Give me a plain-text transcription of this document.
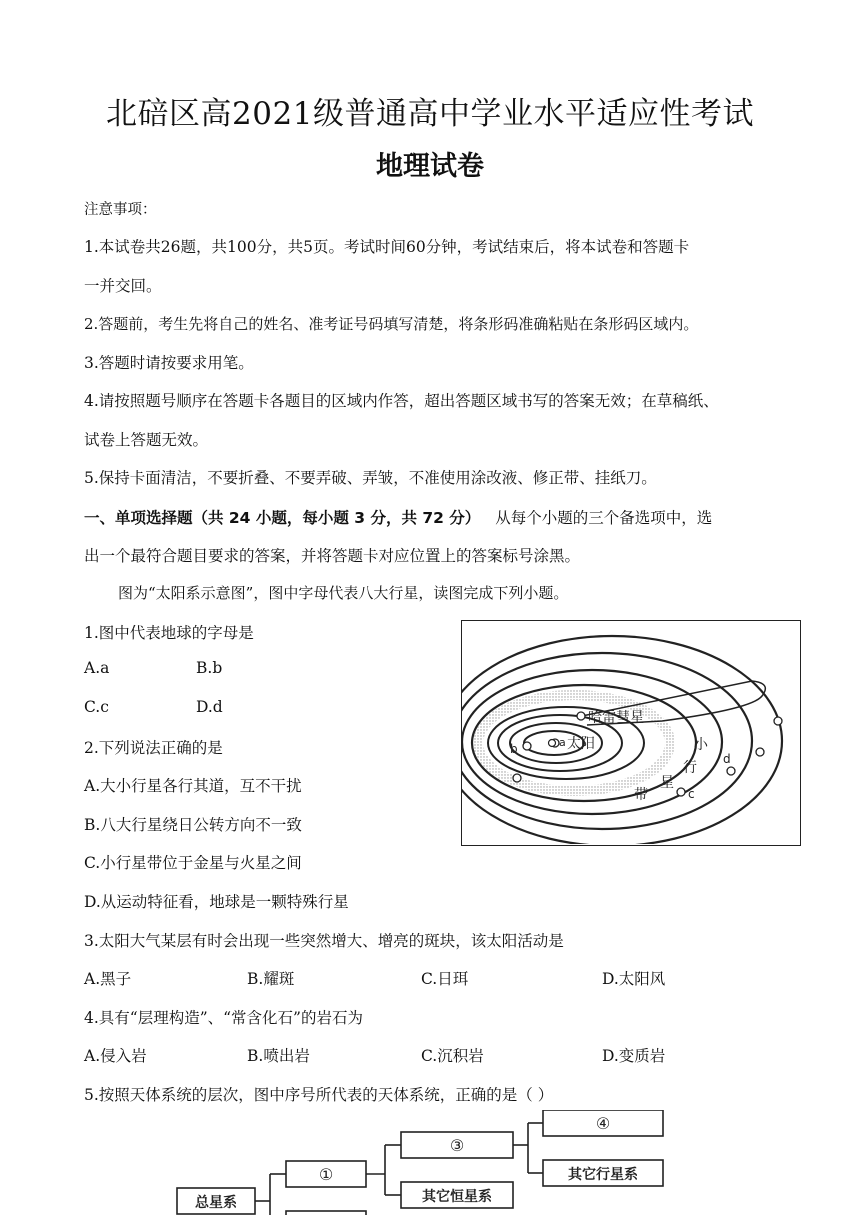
北碚区高2021级普通高中学业水平适应性考试
地理试卷
注意事项：
1.本试卷共26题，共100分，共5页。考试时间60分钟，考试结束后，将本试卷和答题卡
一并交回。
2.答题前，考生先将自己的姓名、准考证号码填写清楚，将条形码准确粘贴在条形码区域内。
3.答题时请按要求用笔。
4.请按照题号顺序在答题卡各题目的区域内作答，超出答题区域书写的答案无效；在草稿纸、
试卷上答题无效。
5.保持卡面清洁，不要折叠、不要弄破、弄皱，不准使用涂改液、修正带、挂纸刀。
一、单项选择题（共 24 小题，每小题 3 分，共 72 分） 从每个小题的三个备选项中，选
出一个最符合题目要求的答案，并将答题卡对应位置上的答案标号涂黑。
图为“太阳系示意图”，图中字母代表八大行星，读图完成下列小题。
1.图中代表地球的字母是
A.a	B.b
C.c	D.d
2.下列说法正确的是
A.大小行星各行其道，互不干扰
B.八大行星绕日公转方向不一致
C.小行星带位于金星与火星之间
D.从运动特征看，地球是一颗特殊行星
3.太阳大气某层有时会出现一些突然增大、增亮的斑块，该太阳活动是
A.黑子	B.耀斑	C.日珥	D.太阳风
4.具有“层理构造”、“常含化石”的岩石为
A.侵入岩	B.喷出岩	C.沉积岩	D.变质岩
5.按照天体系统的层次，图中序号所代表的天体系统，正确的是（ ）
哈雷彗星
太阳
a
b
c
d
小
行
星
带
总星系
①
③
其它恒星系
④
其它行星系
